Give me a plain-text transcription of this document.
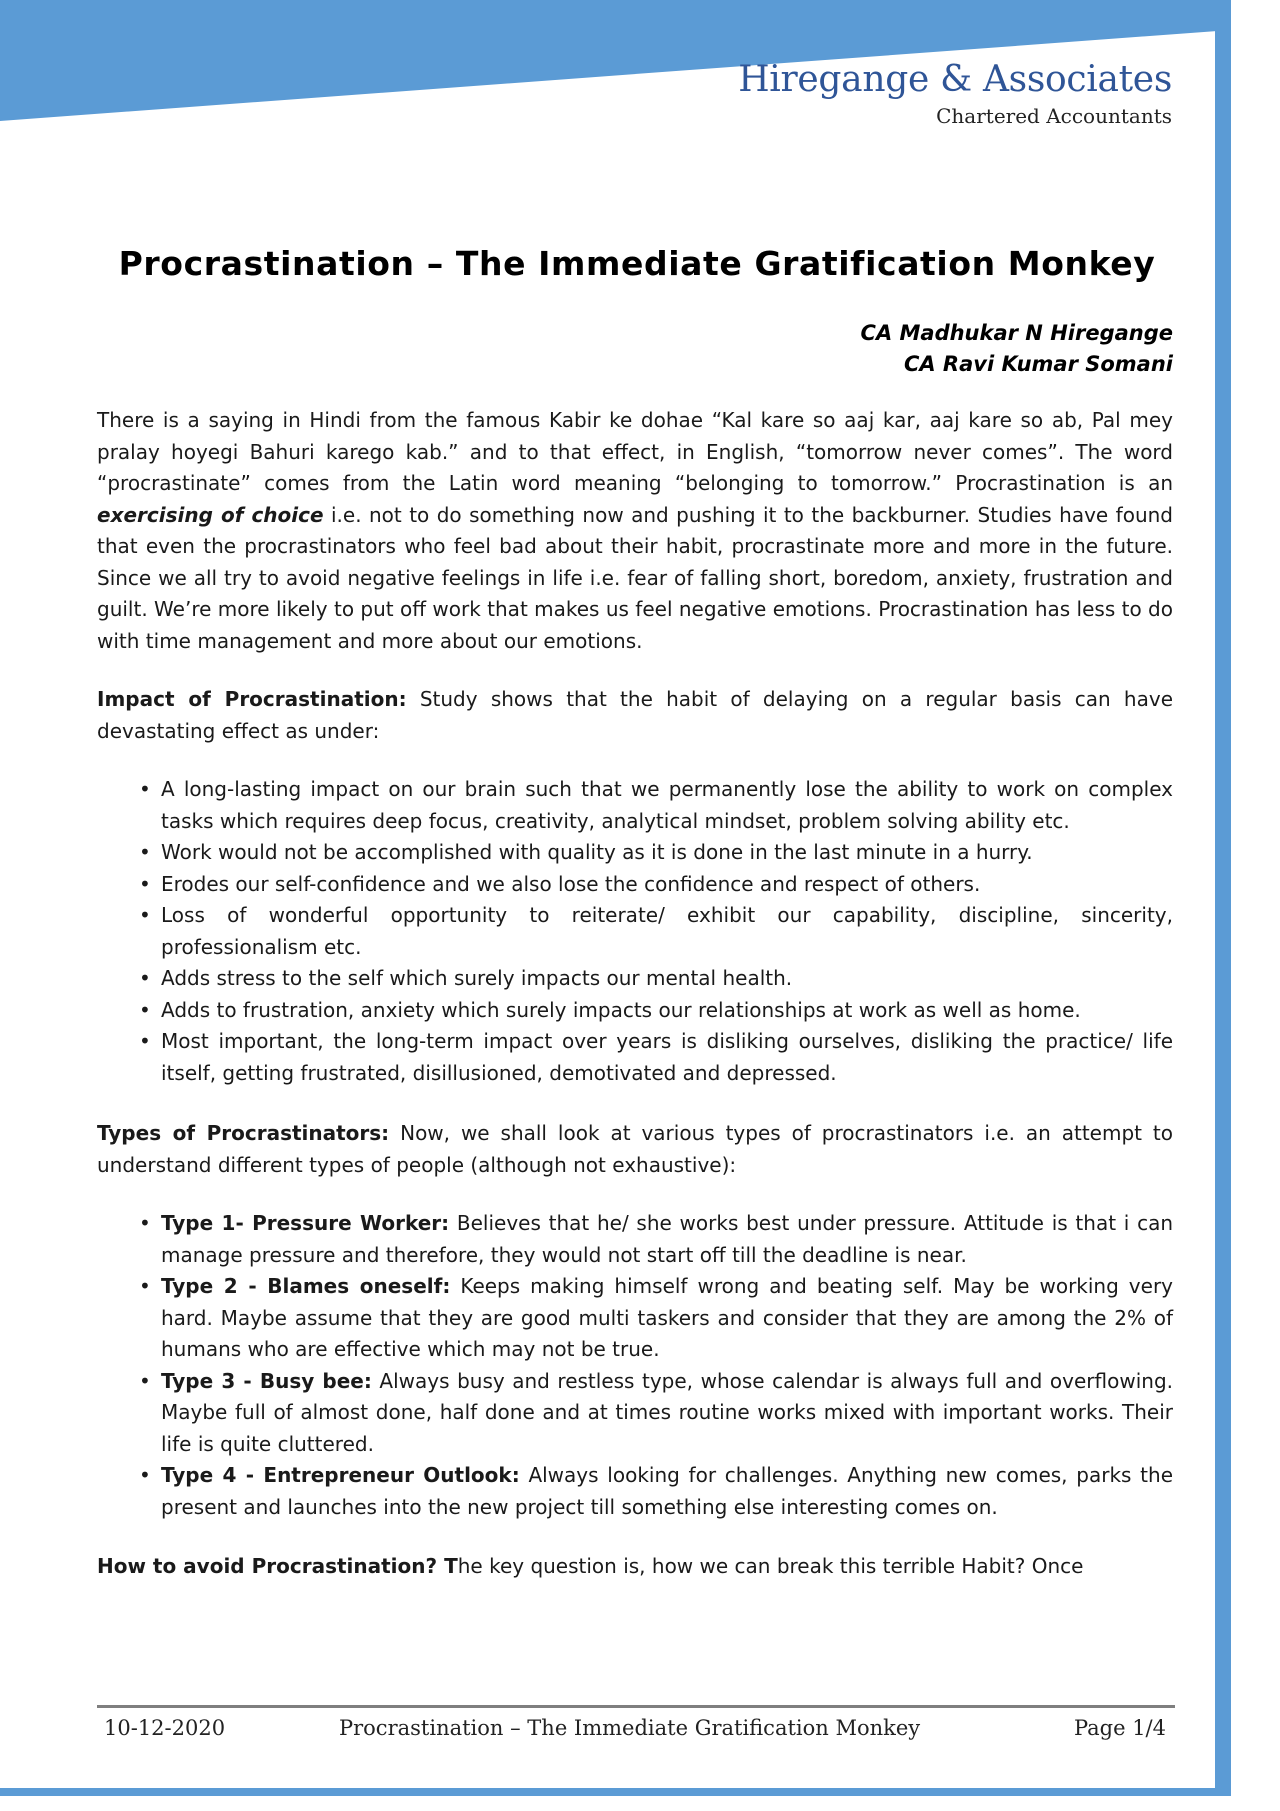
Hiregange & Associates
Chartered Accountants
Procrastination – The Immediate Gratification Monkey
CA Madhukar N Hiregange
CA Ravi Kumar Somani

There is a saying in Hindi from the famous Kabir ke dohae “Kal kare so aaj kar, aaj kare so ab, Pal mey pralay hoyegi Bahuri karego kab.” and to that effect, in English, “tomorrow never comes”. The word “procrastinate” comes from the Latin word meaning “belonging to tomorrow.” Procrastination is an exercising of choice i.e. not to do something now and pushing it to the backburner. Studies have found that even the procrastinators who feel bad about their habit, procrastinate more and more in the future. Since we all try to avoid negative feelings in life i.e. fear of falling short, boredom, anxiety, frustration and guilt. We’re more likely to put off work that makes us feel negative emotions. Procrastination has less to do with time management and more about our emotions.

Impact of Procrastination: Study shows that the habit of delaying on a regular basis can have devastating effect as under:

• A long-lasting impact on our brain such that we permanently lose the ability to work on complex tasks which requires deep focus, creativity, analytical mindset, problem solving ability etc.
• Work would not be accomplished with quality as it is done in the last minute in a hurry.
• Erodes our self-confidence and we also lose the confidence and respect of others.
• Loss of wonderful opportunity to reiterate/ exhibit our capability, discipline, sincerity, professionalism etc.
• Adds stress to the self which surely impacts our mental health.
• Adds to frustration, anxiety which surely impacts our relationships at work as well as home.
• Most important, the long-term impact over years is disliking ourselves, disliking the practice/ life itself, getting frustrated, disillusioned, demotivated and depressed.

Types of Procrastinators: Now, we shall look at various types of procrastinators i.e. an attempt to understand different types of people (although not exhaustive):

• Type 1- Pressure Worker: Believes that he/ she works best under pressure. Attitude is that i can manage pressure and therefore, they would not start off till the deadline is near.
• Type 2 - Blames oneself: Keeps making himself wrong and beating self. May be working very hard. Maybe assume that they are good multi taskers and consider that they are among the 2% of humans who are effective which may not be true.
• Type 3 - Busy bee: Always busy and restless type, whose calendar is always full and overflowing. Maybe full of almost done, half done and at times routine works mixed with important works. Their life is quite cluttered.
• Type 4 - Entrepreneur Outlook: Always looking for challenges. Anything new comes, parks the present and launches into the new project till something else interesting comes on.

How to avoid Procrastination? The key question is, how we can break this terrible Habit? Once

10-12-2020	Procrastination – The Immediate Gratification Monkey	Page 1/4
